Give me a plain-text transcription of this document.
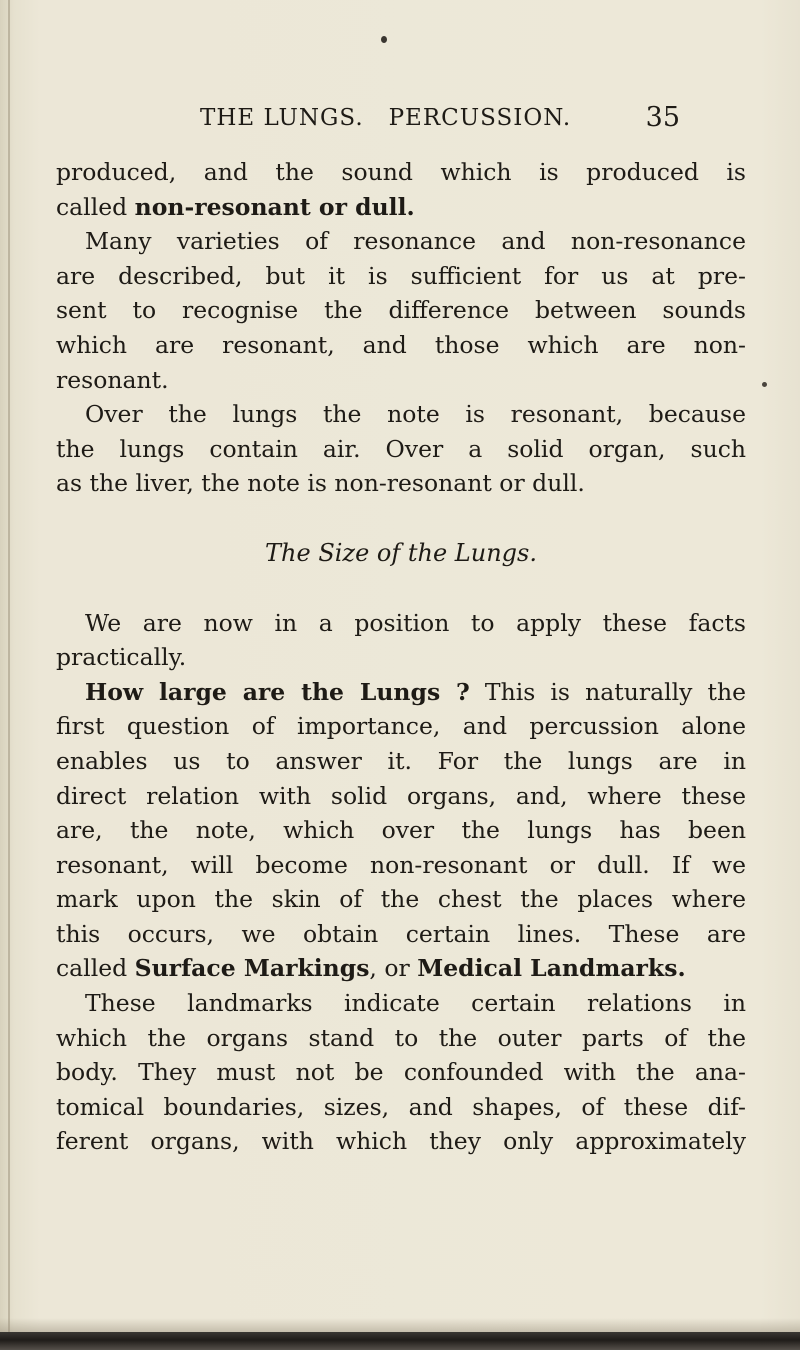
THE LUNGS.   PERCUSSION.	35
produced, and the sound which is produced is
called non-resonant or dull.
Many varieties of resonance and non-resonance
are described, but it is sufficient for us at pre-
sent to recognise the difference between sounds
which are resonant, and those which are non-
resonant.
Over the lungs the note is resonant, because
the lungs contain air. Over a solid organ, such
as the liver, the note is non-resonant or dull.
The Size of the Lungs.
We are now in a position to apply these facts
practically.
How large are the Lungs ? This is naturally the
first question of importance, and percussion alone
enables us to answer it. For the lungs are in
direct relation with solid organs, and, where these
are, the note, which over the lungs has been
resonant, will become non-resonant or dull. If we
mark upon the skin of the chest the places where
this occurs, we obtain certain lines. These are
called Surface Markings, or Medical Landmarks.
These landmarks indicate certain relations in
which the organs stand to the outer parts of the
body. They must not be confounded with the ana-
tomical boundaries, sizes, and shapes, of these dif-
ferent organs, with which they only approximately
